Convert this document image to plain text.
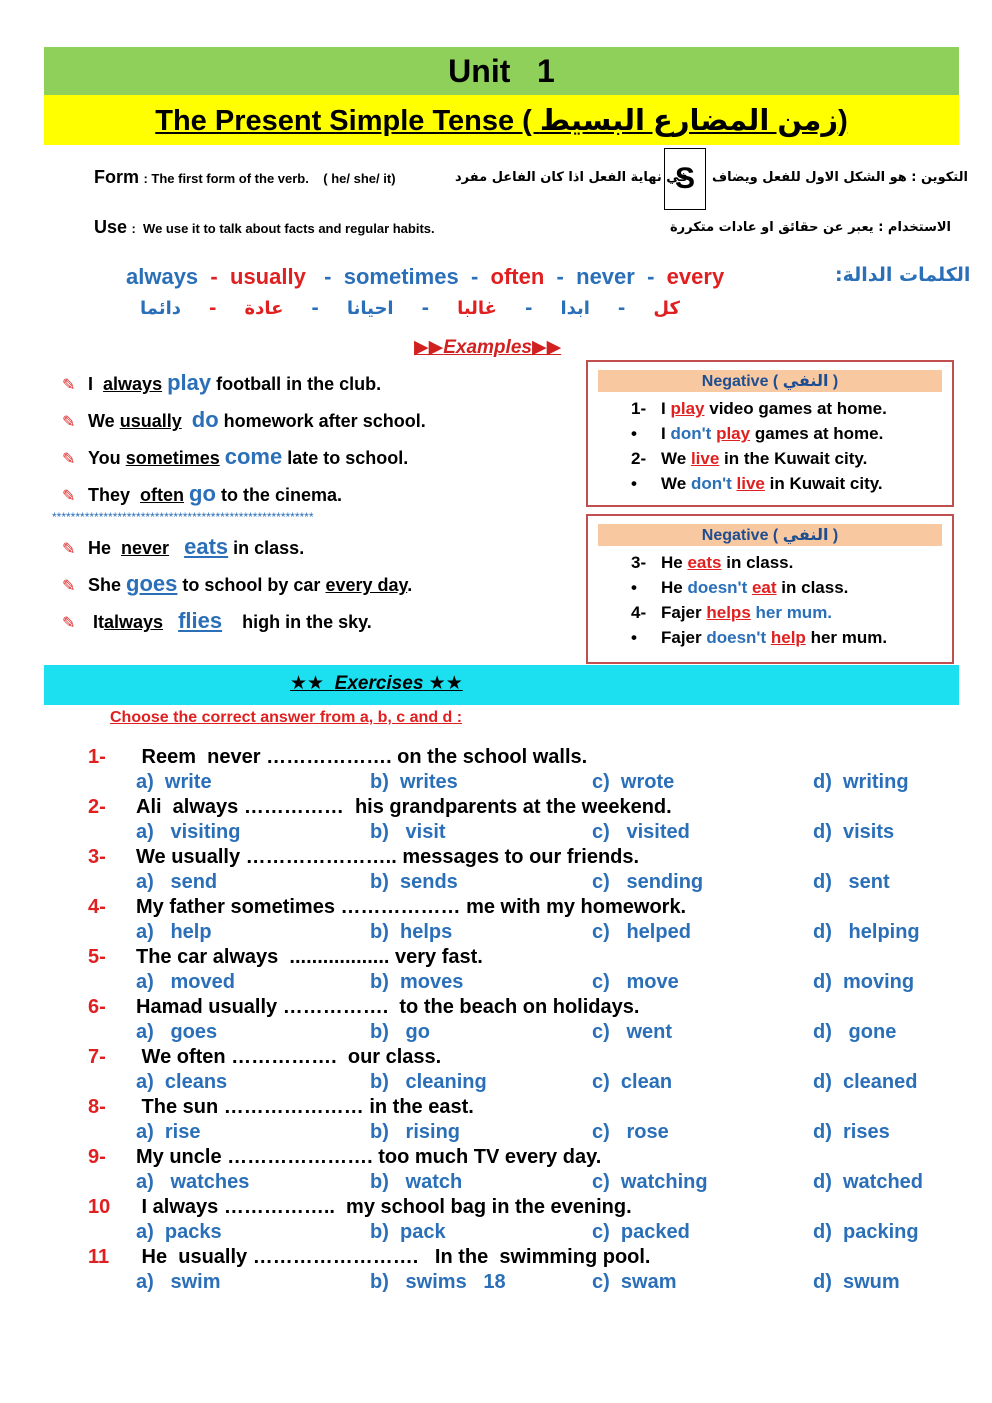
Unit   1
The Present Simple Tense ( زمن المضارع البسيط)
Form : The first form of the verb.    ( he/ she/ it)	في نهاية الفعل اذا كان الفاعل مفرد
S التكوين : هو الشكل الاول للفعل ويضاف
Use :  We use it to talk about facts and regular habits.	الاستخدام : يعبر عن حقائق او عادات متكررة
always - usually - sometimes - often - never - every	الكلمات الدالة:
دائما - عادة - احيانا - غالبا - ابدا - كل
▶▶Examples▶▶
✎ I always play football in the club.
✎ We usually do homework after school.
✎ You sometimes come late to school.
✎ They often go to the cinema.
********************************************************
✎ He never eats in class.
✎ She goes to school by car every day.
✎ Italways flies high in the sky.
Negative ( النفي )
1- I play video games at home.
• I don't play games at home.
2- We live in the Kuwait city.
• We don't live in Kuwait city.
Negative ( النفي )
3- He eats in class.
• He doesn't eat in class.
4- Fajer helps her mum.
• Fajer doesn't help her mum.
★★ Exercises ★★
Choose the correct answer from a, b, c and d :
1- Reem  never ………………. on the school walls.
a)  write	b)  writes	c)  wrote	d)  writing
2- Ali  always ……………  his grandparents at the weekend.
a)   visiting	b)   visit	c)   visited	d)  visits
3- We usually ………………….. messages to our friends.
a)   send	b)  sends	c)   sending	d)   sent
4- My father sometimes ……………… me with my homework.
a)   help	b)  helps	c)   helped	d)   helping
5- The car always  .................. very fast.
a)   moved	b)  moves	c)   move	d)  moving
6- Hamad usually …………….  to the beach on holidays.
a)   goes	b)   go	c)   went	d)   gone
7- We often …………….  our class.
a)  cleans	b)   cleaning	c)  clean	d)  cleaned
8- The sun ………………… in the east.
a)  rise	b)   rising	c)   rose	d)  rises
9- My uncle …………………. too much TV every day.
a)   watches	b)   watch	c)  watching	d)  watched
10 I always ……………..  my school bag in the evening.
a)  packs	b)  pack	c)  packed	d)  packing
11 He  usually …………………….   In the  swimming pool.
a)   swim	b)   swims   18	c)  swam	d)  swum
